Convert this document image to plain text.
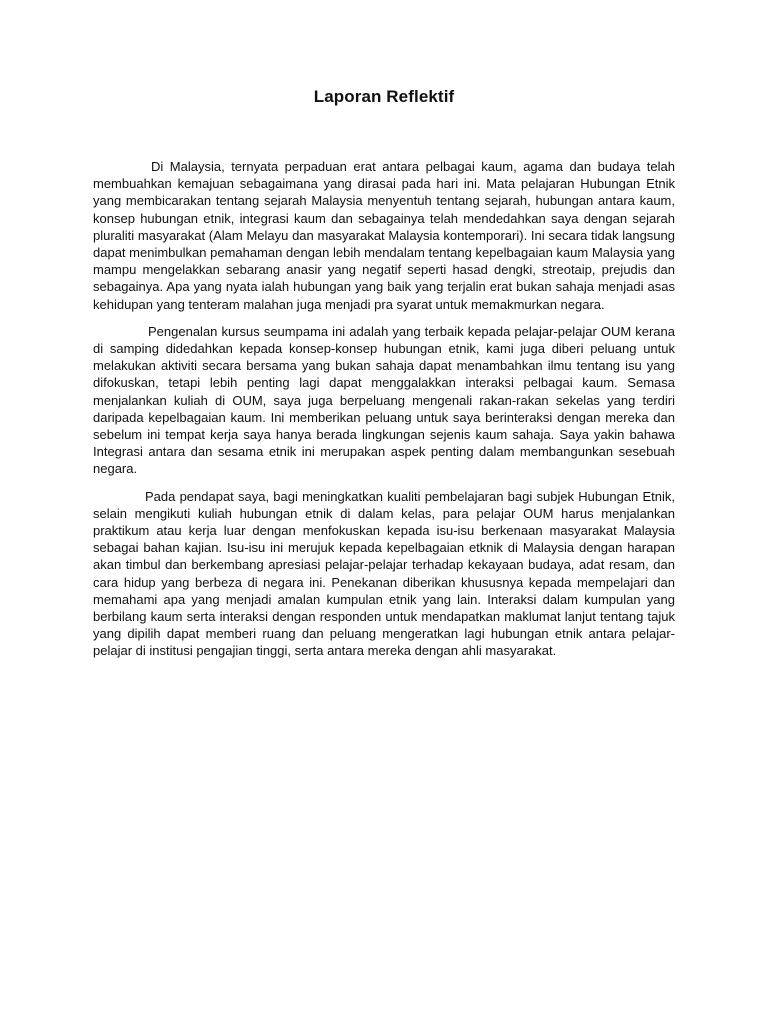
Laporan Reflektif

Di Malaysia, ternyata perpaduan erat antara pelbagai kaum, agama dan budaya telah membuahkan kemajuan sebagaimana yang dirasai pada hari ini. Mata pelajaran Hubungan Etnik yang membicarakan tentang sejarah Malaysia menyentuh tentang sejarah, hubungan antara kaum, konsep hubungan etnik, integrasi kaum dan sebagainya telah mendedahkan saya dengan sejarah pluraliti masyarakat (Alam Melayu dan masyarakat Malaysia kontemporari). Ini secara tidak langsung dapat menimbulkan pemahaman dengan lebih mendalam tentang kepelbagaian kaum Malaysia yang mampu mengelakkan sebarang anasir yang negatif seperti hasad dengki, streotaip, prejudis dan sebagainya. Apa yang nyata ialah hubungan yang baik yang terjalin erat bukan sahaja menjadi asas kehidupan yang tenteram malahan juga menjadi pra syarat untuk memakmurkan negara.

Pengenalan kursus seumpama ini adalah yang terbaik kepada pelajar-pelajar OUM kerana di samping didedahkan kepada konsep-konsep hubungan etnik, kami juga diberi peluang untuk melakukan aktiviti secara bersama yang bukan sahaja dapat menambahkan ilmu tentang isu yang difokuskan, tetapi lebih penting lagi dapat menggalakkan interaksi pelbagai kaum. Semasa menjalankan kuliah di OUM, saya juga berpeluang mengenali rakan-rakan sekelas yang terdiri daripada kepelbagaian kaum. Ini memberikan peluang untuk saya berinteraksi dengan mereka dan sebelum ini tempat kerja saya hanya berada lingkungan sejenis kaum sahaja. Saya yakin bahawa Integrasi antara dan sesama etnik ini merupakan aspek penting dalam membangunkan sesebuah negara.

Pada pendapat saya, bagi meningkatkan kualiti pembelajaran bagi subjek Hubungan Etnik, selain mengikuti kuliah hubungan etnik di dalam kelas, para pelajar OUM harus menjalankan praktikum atau kerja luar dengan menfokuskan kepada isu-isu berkenaan masyarakat Malaysia sebagai bahan kajian. Isu-isu ini merujuk kepada kepelbagaian etknik di Malaysia dengan harapan akan timbul dan berkembang apresiasi pelajar-pelajar terhadap kekayaan budaya, adat resam, dan cara hidup yang berbeza di negara ini. Penekanan diberikan khususnya kepada mempelajari dan memahami apa yang menjadi amalan kumpulan etnik yang lain. Interaksi dalam kumpulan yang berbilang kaum serta interaksi dengan responden untuk mendapatkan maklumat lanjut tentang tajuk yang dipilih dapat memberi ruang dan peluang mengeratkan lagi hubungan etnik antara pelajar-pelajar di institusi pengajian tinggi, serta antara mereka dengan ahli masyarakat.
